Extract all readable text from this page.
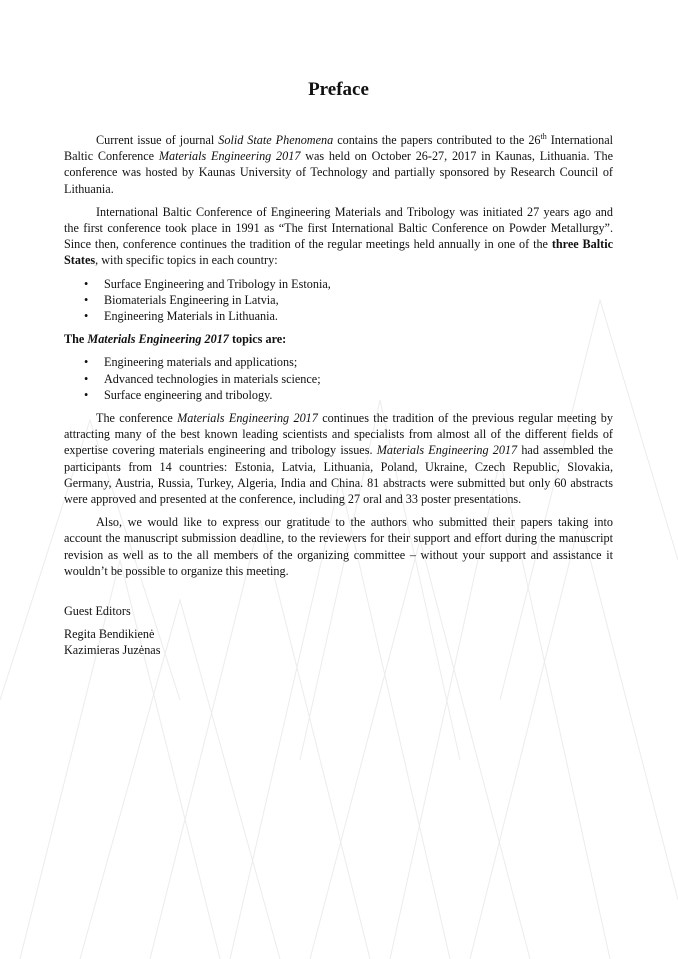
Preface

Current issue of journal Solid State Phenomena contains the papers contributed to the 26th International Baltic Conference Materials Engineering 2017 was held on October 26-27, 2017 in Kaunas, Lithuania. The conference was hosted by Kaunas University of Technology and partially sponsored by Research Council of Lithuania.

International Baltic Conference of Engineering Materials and Tribology was initiated 27 years ago and the first conference took place in 1991 as “The first International Baltic Conference on Powder Metallurgy”. Since then, conference continues the tradition of the regular meetings held annually in one of the three Baltic States, with specific topics in each country:

• Surface Engineering and Tribology in Estonia,
• Biomaterials Engineering in Latvia,
• Engineering Materials in Lithuania.

The Materials Engineering 2017 topics are:

• Engineering materials and applications;
• Advanced technologies in materials science;
• Surface engineering and tribology.

The conference Materials Engineering 2017 continues the tradition of the previous regular meeting by attracting many of the best known leading scientists and specialists from almost all of the different fields of expertise covering materials engineering and tribology issues. Materials Engineering 2017 had assembled the participants from 14 countries: Estonia, Latvia, Lithuania, Poland, Ukraine, Czech Republic, Slovakia, Germany, Austria, Russia, Turkey, Algeria, India and China. 81 abstracts were submitted but only 60 abstracts were approved and presented at the conference, including 27 oral and 33 poster presentations.

Also, we would like to express our gratitude to the authors who submitted their papers taking into account the manuscript submission deadline, to the reviewers for their support and effort during the manuscript revision as well as to the all members of the organizing committee – without your support and assistance it wouldn’t be possible to organize this meeting.

Guest Editors

Regita Bendikienė

Kazimieras Juzėnas
